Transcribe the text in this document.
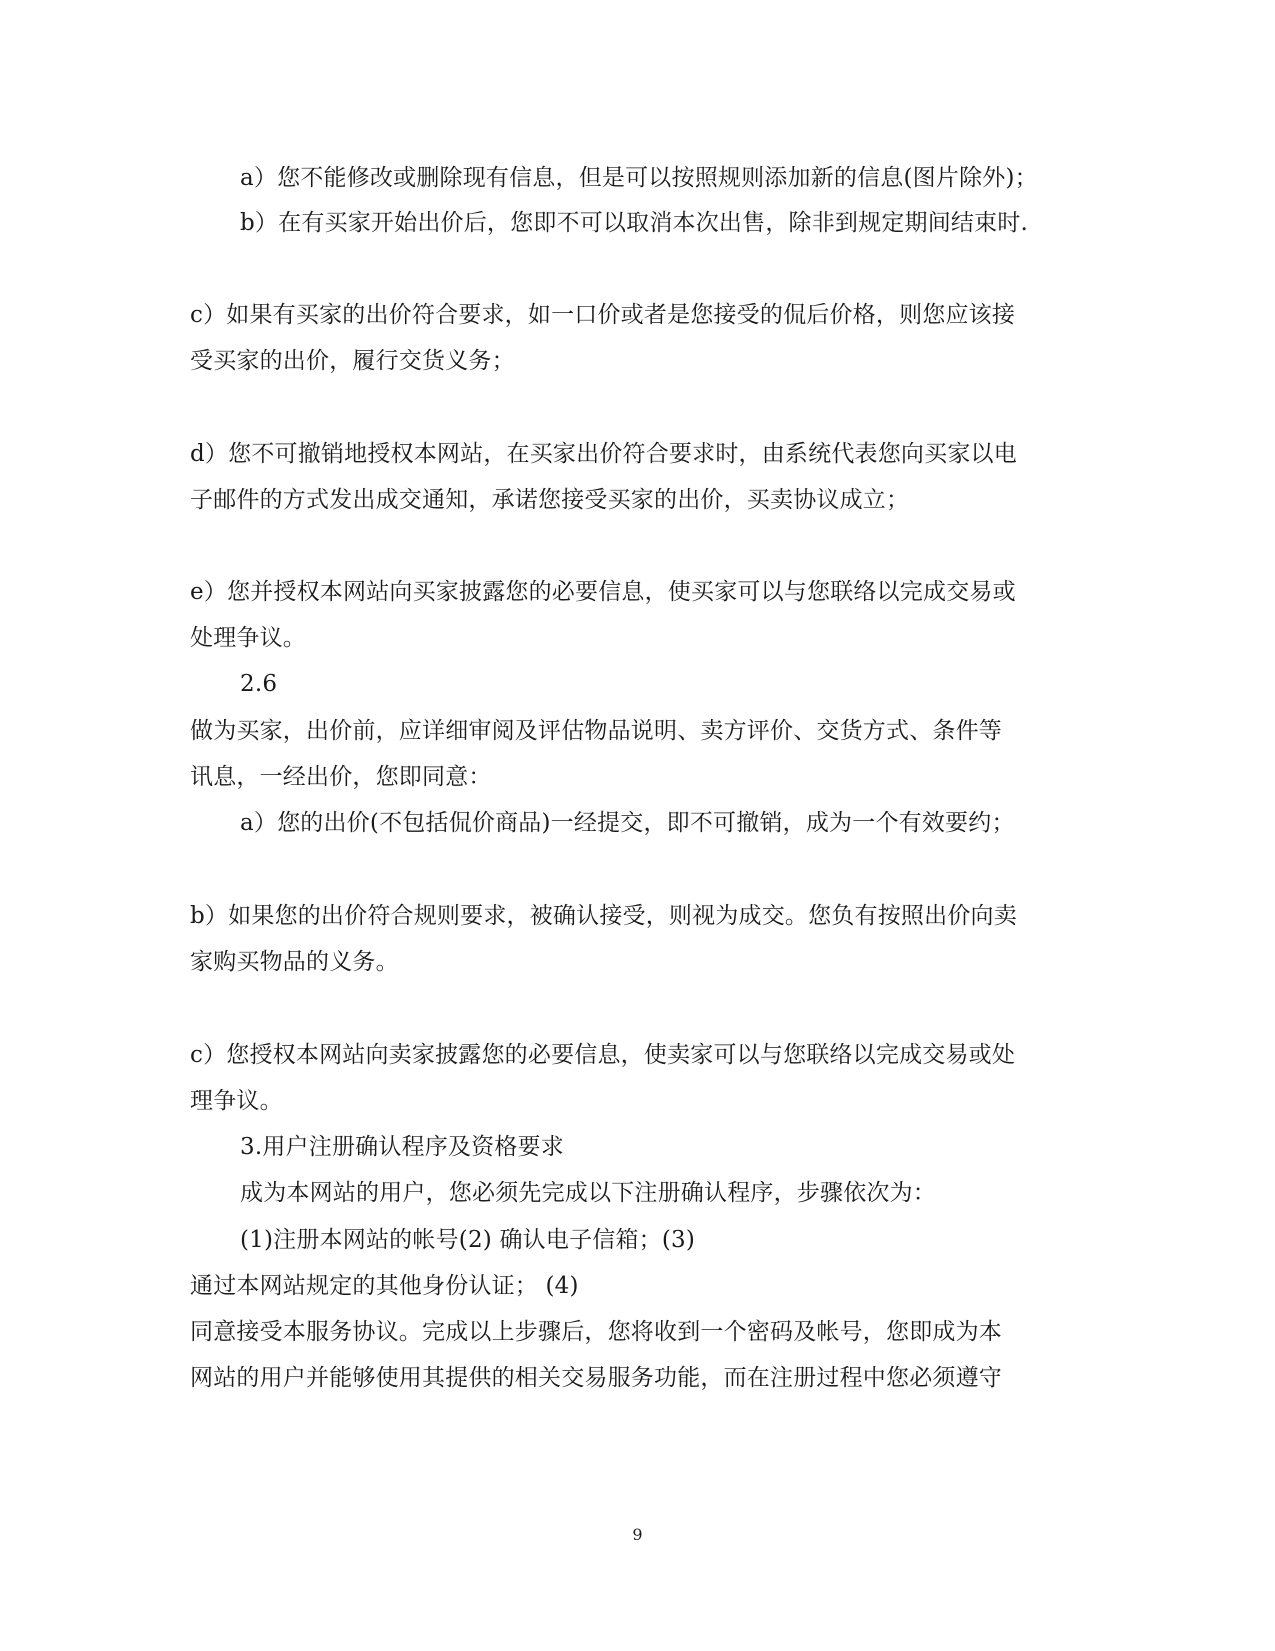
a）您不能修改或删除现有信息，但是可以按照规则添加新的信息(图片除外)；

b）在有买家开始出价后，您即不可以取消本次出售，除非到规定期间结束时.

c）如果有买家的出价符合要求，如一口价或者是您接受的侃后价格，则您应该接

受买家的出价，履行交货义务；

d）您不可撤销地授权本网站，在买家出价符合要求时，由系统代表您向买家以电

子邮件的方式发出成交通知，承诺您接受买家的出价，买卖协议成立；

e）您并授权本网站向买家披露您的必要信息，使买家可以与您联络以完成交易或

处理争议。

2.6

做为买家，出价前，应详细审阅及评估物品说明、卖方评价、交货方式、条件等

讯息，一经出价，您即同意：

a）您的出价(不包括侃价商品)一经提交，即不可撤销，成为一个有效要约；

b）如果您的出价符合规则要求，被确认接受，则视为成交。您负有按照出价向卖

家购买物品的义务。

c）您授权本网站向卖家披露您的必要信息，使卖家可以与您联络以完成交易或处

理争议。

3.用户注册确认程序及资格要求

成为本网站的用户，您必须先完成以下注册确认程序，步骤依次为：

(1)注册本网站的帐号(2) 确认电子信箱；(3)

通过本网站规定的其他身份认证； (4)

同意接受本服务协议。完成以上步骤后，您将收到一个密码及帐号，您即成为本

网站的用户并能够使用其提供的相关交易服务功能，而在注册过程中您必须遵守

9
